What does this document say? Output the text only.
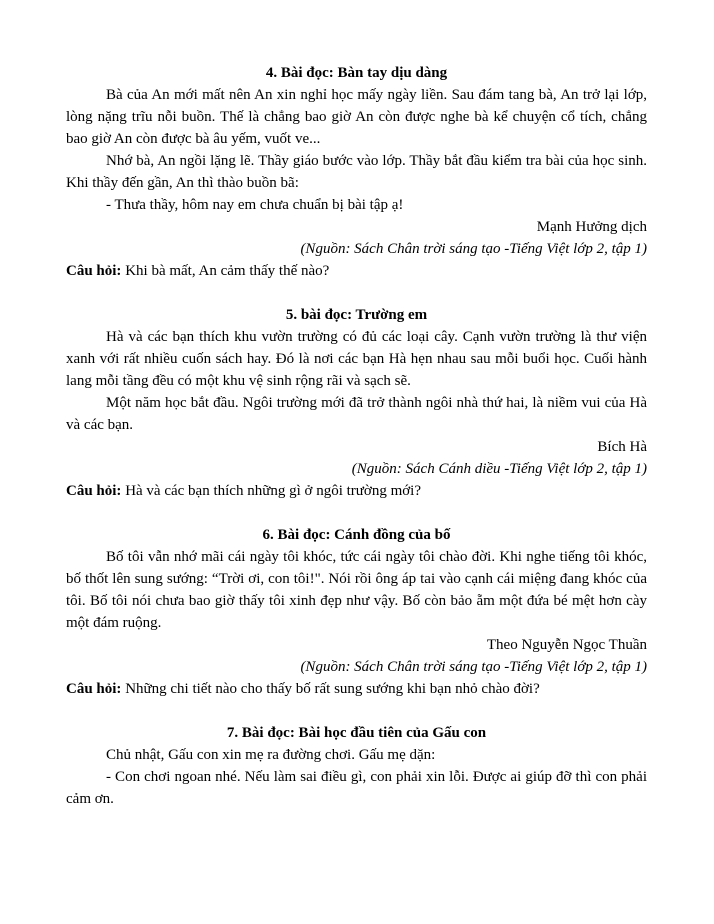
4. Bài đọc: Bàn tay dịu dàng

Bà của An mới mất nên An xin nghỉ học mấy ngày liền. Sau đám tang bà, An trở lại lớp, lòng nặng trĩu nỗi buồn. Thế là chẳng bao giờ An còn được nghe bà kể chuyện cổ tích, chẳng bao giờ An còn được bà âu yếm, vuốt ve...

Nhớ bà, An ngồi lặng lẽ. Thầy giáo bước vào lớp. Thầy bắt đầu kiểm tra bài của học sinh. Khi thầy đến gần, An thì thào buồn bã:

- Thưa thầy, hôm nay em chưa chuẩn bị bài tập ạ!

Mạnh Hưởng dịch
(Nguồn: Sách Chân trời sáng tạo -Tiếng Việt lớp 2, tập 1)
Câu hỏi: Khi bà mất, An cảm thấy thế nào?
5. bài đọc: Trường em

Hà và các bạn thích khu vườn trường có đủ các loại cây. Cạnh vườn trường là thư viện xanh với rất nhiều cuốn sách hay. Đó là nơi các bạn Hà hẹn nhau sau mỗi buổi học. Cuối hành lang mỗi tầng đều có một khu vệ sinh rộng rãi và sạch sẽ.

Một năm học bắt đầu. Ngôi trường mới đã trở thành ngôi nhà thứ hai, là niềm vui của Hà và các bạn.

Bích Hà
(Nguồn: Sách Cánh diều -Tiếng Việt lớp 2, tập 1)
Câu hỏi: Hà và các bạn thích những gì ở ngôi trường mới?
6. Bài đọc: Cánh đồng của bố

Bố tôi vẫn nhớ mãi cái ngày tôi khóc, tức cái ngày tôi chào đời. Khi nghe tiếng tôi khóc, bố thốt lên sung sướng: “Trời ơi, con tôi!". Nói rồi ông áp tai vào cạnh cái miệng đang khóc của tôi. Bố tôi nói chưa bao giờ thấy tôi xinh đẹp như vậy. Bố còn bảo ẵm một đứa bé mệt hơn cày một đám ruộng.

Theo Nguyễn Ngọc Thuần
(Nguồn: Sách Chân trời sáng tạo -Tiếng Việt lớp 2, tập 1)
Câu hỏi: Những chi tiết nào cho thấy bố rất sung sướng khi bạn nhỏ chào đời?
7. Bài đọc: Bài học đầu tiên của Gấu con

Chủ nhật, Gấu con xin mẹ ra đường chơi. Gấu mẹ dặn:

- Con chơi ngoan nhé. Nếu làm sai điều gì, con phải xin lỗi. Được ai giúp đỡ thì con phải cảm ơn.
